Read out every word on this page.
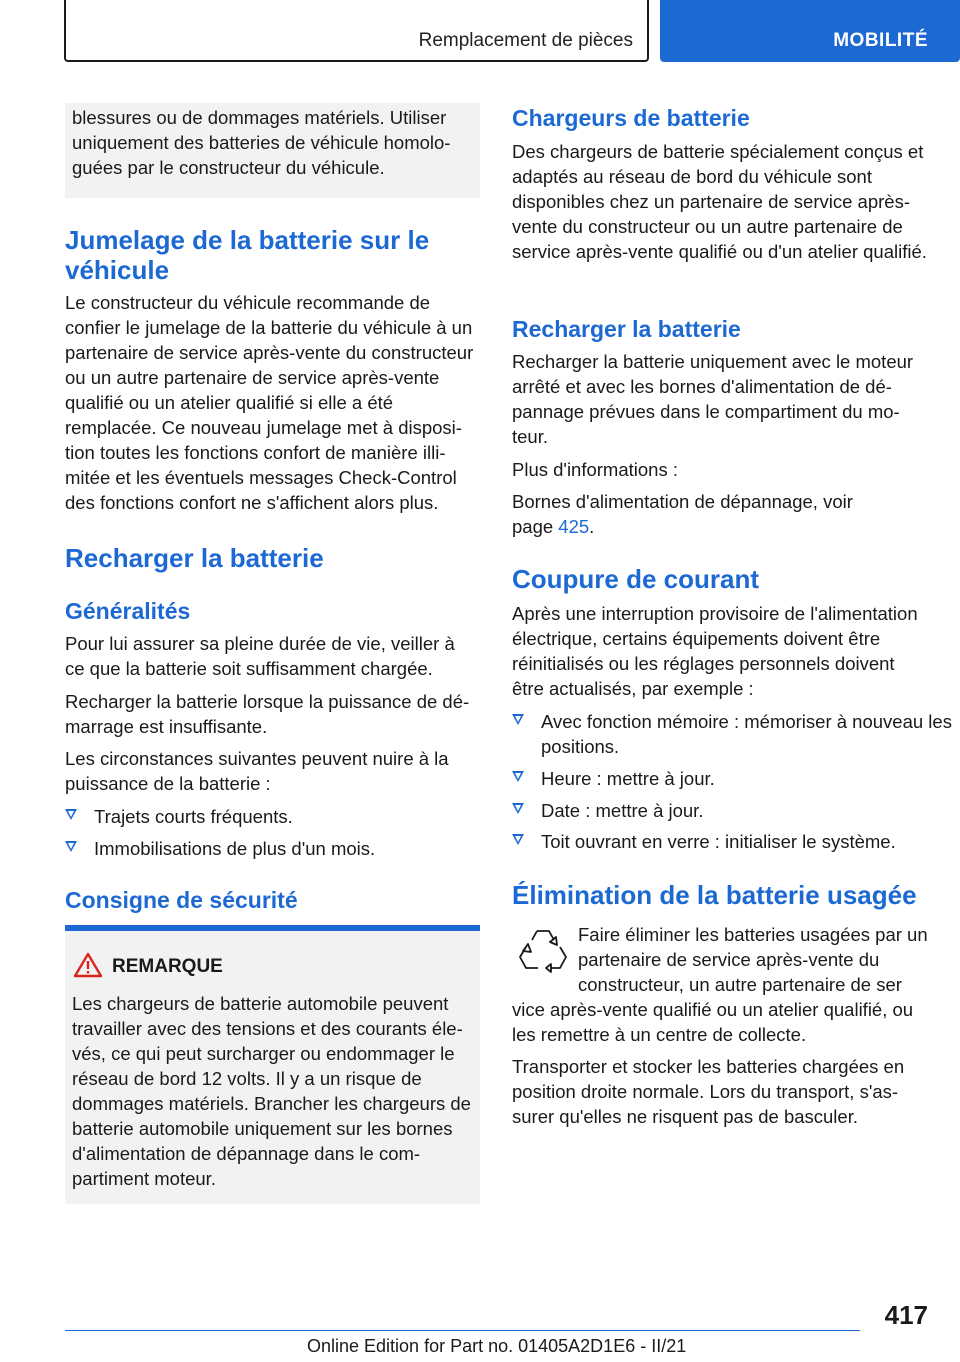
Remplacement de pièces	MOBILITÉ

blessures ou de dommages matériels. Utiliser uniquement des batteries de véhicule homologuées par le constructeur du véhicule.

Jumelage de la batterie sur le
véhicule

Le constructeur du véhicule recommande de confier le jumelage de la batterie du véhicule à un partenaire de service après-vente du constructeur ou un autre partenaire de service après-vente qualifié ou un atelier qualifié si elle a été remplacée. Ce nouveau jumelage met à disposition toutes les fonctions confort de manière illimitée et les éventuels messages Check-Control des fonctions confort ne s'affichent alors plus.

Recharger la batterie
Généralités

Pour lui assurer sa pleine durée de vie, veiller à ce que la batterie soit suffisamment chargée.

Recharger la batterie lorsque la puissance de démarrage est insuffisante.

Les circonstances suivantes peuvent nuire à la puissance de la batterie :

Trajets courts fréquents.
Immobilisations de plus d'un mois.
Consigne de sécurité
REMARQUE

Les chargeurs de batterie automobile peuvent travailler avec des tensions et des courants élevés, ce qui peut surcharger ou endommager le réseau de bord 12 volts. Il y a un risque de dommages matériels. Brancher les chargeurs de batterie automobile uniquement sur les bornes d'alimentation de dépannage dans le compartiment moteur.

Chargeurs de batterie

Des chargeurs de batterie spécialement conçus et adaptés au réseau de bord du véhicule sont disponibles chez un partenaire de service après-vente du constructeur ou un autre partenaire de service après-vente qualifié ou d'un atelier qualifié.

Recharger la batterie

Recharger la batterie uniquement avec le moteur arrêté et avec les bornes d'alimentation de dépannage prévues dans le compartiment du moteur.

Plus d'informations :

Bornes d'alimentation de dépannage, voir
page 425.

Coupure de courant

Après une interruption provisoire de l'alimentation électrique, certains équipements doivent être réinitialisés ou les réglages personnels doivent être actualisés, par exemple :

Avec fonction mémoire : mémoriser à nouveau les positions.
Heure : mettre à jour.
Date : mettre à jour.
Toit ouvrant en verre : initialiser le système.
Élimination de la batterie usagée

Faire éliminer les batteries usagées par un partenaire de service après-vente du constructeur, un autre partenaire de ser

vice après-vente qualifié ou un atelier qualifié, ou les remettre à un centre de collecte.

Transporter et stocker les batteries chargées en position droite normale. Lors du transport, s'assurer qu'elles ne risquent pas de basculer.

417
Online Edition for Part no. 01405A2D1E6 - II/21
